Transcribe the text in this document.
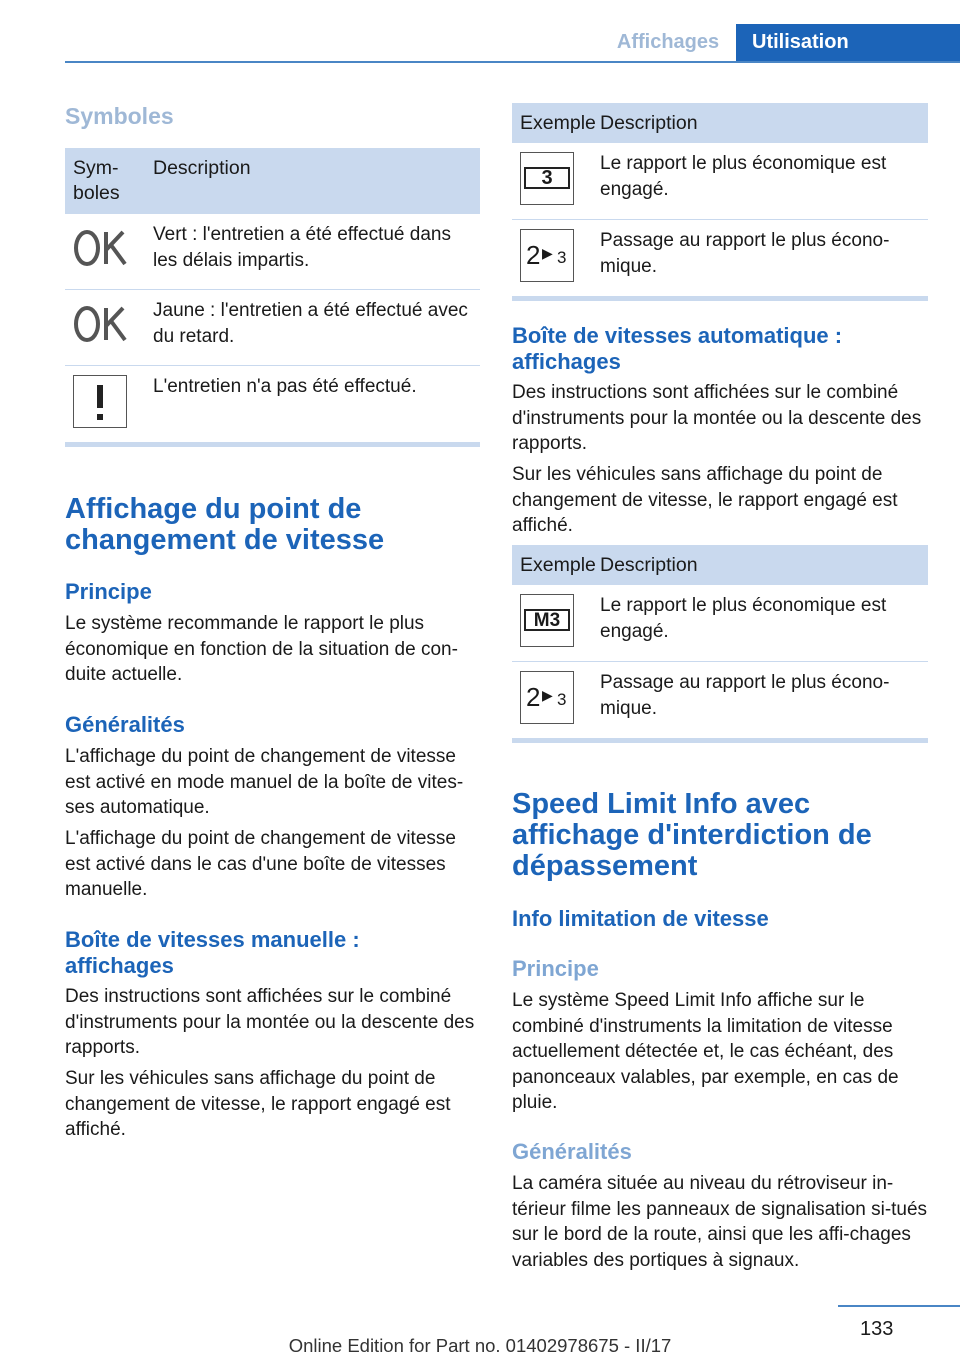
Affichages	Utilisation
Symboles
Sym-
boles
Description
Vert : l'entretien a été effectué dans les délais impartis.
Jaune : l'entretien a été effectué avec du retard.
L'entretien n'a pas été effectué.
Affichage du point de changement de vitesse
Principe

Le système recommande le rapport le plus économique en fonction de la situation de con-duite actuelle.

Généralités

L'affichage du point de changement de vitesse est activé en mode manuel de la boîte de vites-ses automatique.

L'affichage du point de changement de vitesse est activé dans le cas d'une boîte de vitesses manuelle.

Boîte de vitesses manuelle : affichages

Des instructions sont affichées sur le combiné d'instruments pour la montée ou la descente des rapports.

Sur les véhicules sans affichage du point de changement de vitesse, le rapport engagé est affiché.

Exemple Description
3
Le rapport le plus économique est engagé.
2 ▶ 3
Passage au rapport le plus écono-mique.
Boîte de vitesses automatique : affichages

Des instructions sont affichées sur le combiné d'instruments pour la montée ou la descente des rapports.

Sur les véhicules sans affichage du point de changement de vitesse, le rapport engagé est affiché.

Exemple Description
M3
Le rapport le plus économique est engagé.
2 ▶ 3
Passage au rapport le plus écono-mique.
Speed Limit Info avec affichage d'interdiction de dépassement
Info limitation de vitesse
Principe

Le système Speed Limit Info affiche sur le combiné d'instruments la limitation de vitesse actuellement détectée et, le cas échéant, des panonceaux valables, par exemple, en cas de pluie.

Généralités

La caméra située au niveau du rétroviseur in-térieur filme les panneaux de signalisation si-tués sur le bord de la route, ainsi que les affi-chages variables des portiques à signaux.

133
Online Edition for Part no. 01402978675 - II/17
